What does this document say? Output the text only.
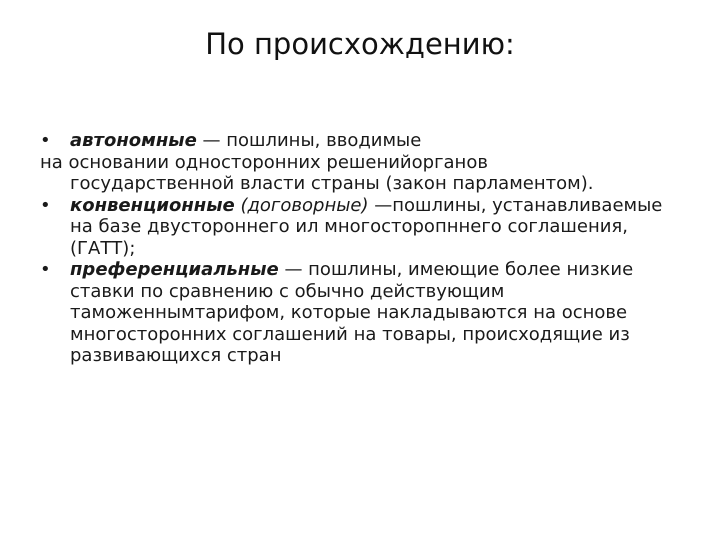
По происхождению:
•	автономные — пошлины, вводимые
на основании односторонних решенийорганов
государственной власти страны (закон парламентом).
•	конвенционные (договорные) —пошлины, устанавливаемые на базе двустороннего ил многосторопннего соглашения,(ГАТТ);
•	преференциальные — пошлины, имеющие более низкие ставки по сравнению с обычно действующим таможеннымтарифом, которые накладываются на основе многосторонних соглашений на товары, происходящие из развивающихся стран
